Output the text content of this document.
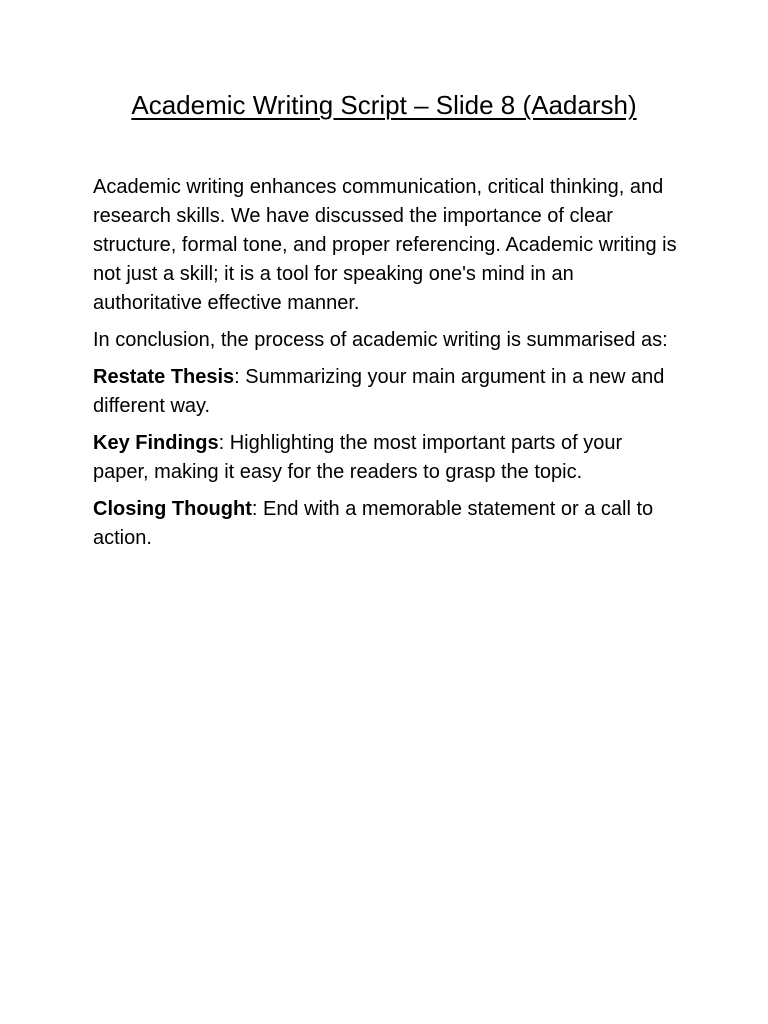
Academic Writing Script – Slide 8 (Aadarsh)

Academic writing enhances communication, critical thinking, and research skills. We have discussed the importance of clear structure, formal tone, and proper referencing. Academic writing is not just a skill; it is a tool for speaking one's mind in an authoritative effective manner.

In conclusion, the process of academic writing is summarised as:

Restate Thesis: Summarizing your main argument in a new and different way.

Key Findings: Highlighting the most important parts of your paper, making it easy for the readers to grasp the topic.

Closing Thought: End with a memorable statement or a call to action.
